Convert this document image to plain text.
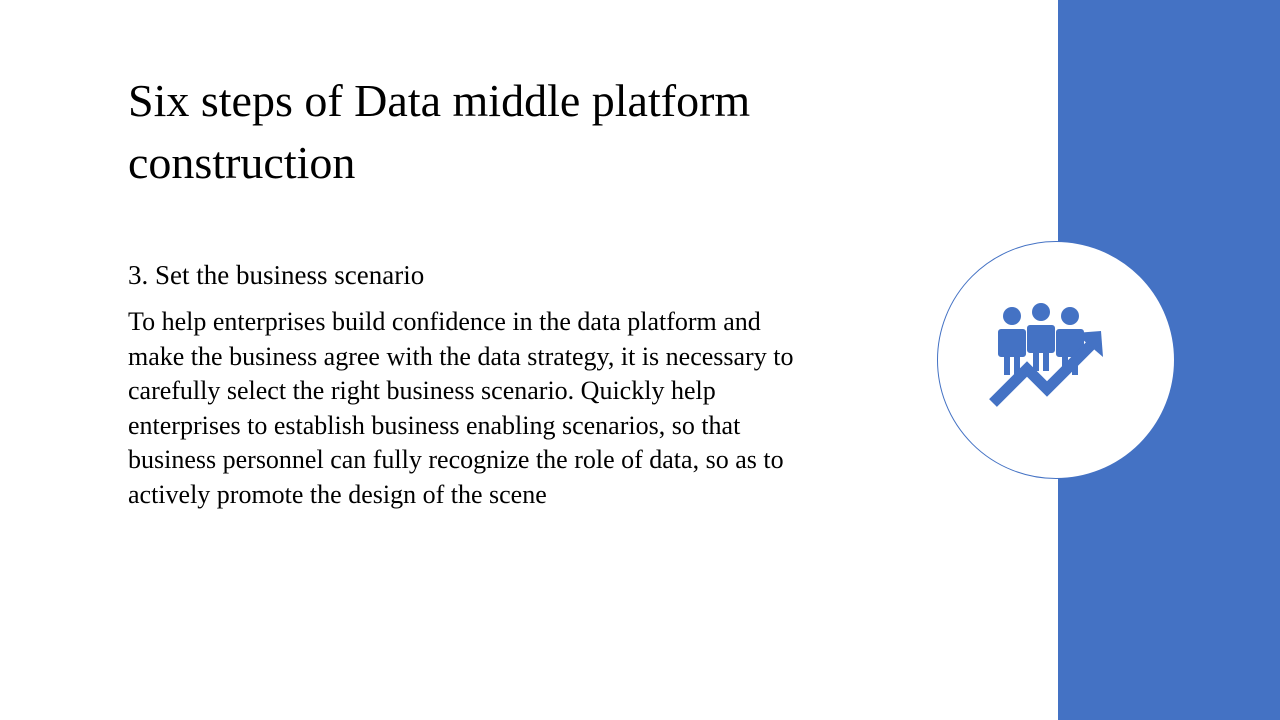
Six steps of Data middle platform construction
3. Set the business scenario
To help enterprises build confidence in the data platform and make the business agree with the data strategy, it is necessary to carefully select the right business scenario. Quickly help enterprises to establish business enabling scenarios, so that business personnel can fully recognize the role of data, so as to actively promote the design of the scene
